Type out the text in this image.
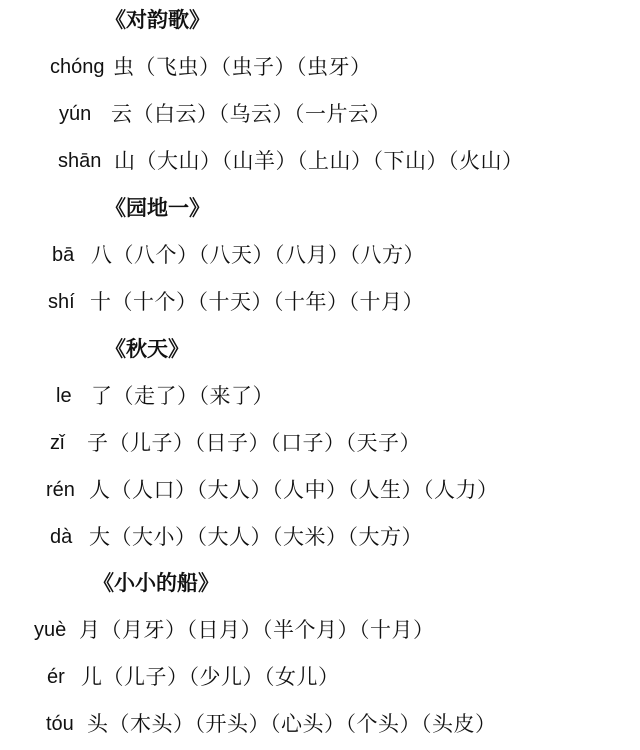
《对韵歌》
chóng 虫（飞虫）（虫子）（虫牙）
yún 云（白云）（乌云）（一片云）
shān 山（大山）（山羊）（上山）（下山）（火山）
《园地一》
bā 八（八个）（八天）（八月）（八方）
shí 十（十个）（十天）（十年）（十月）
《秋天》
le 了（走了）（来了）
zǐ 子（儿子）（日子）（口子）（天子）
rén 人（人口）（大人）（人中）（人生）（人力）
dà 大（大小）（大人）（大米）（大方）
《小小的船》
yuè 月（月牙）（日月）（半个月）（十月）
ér 儿（儿子）（少儿）（女儿）
tóu 头（木头）（开头）（心头）（个头）（头皮）
